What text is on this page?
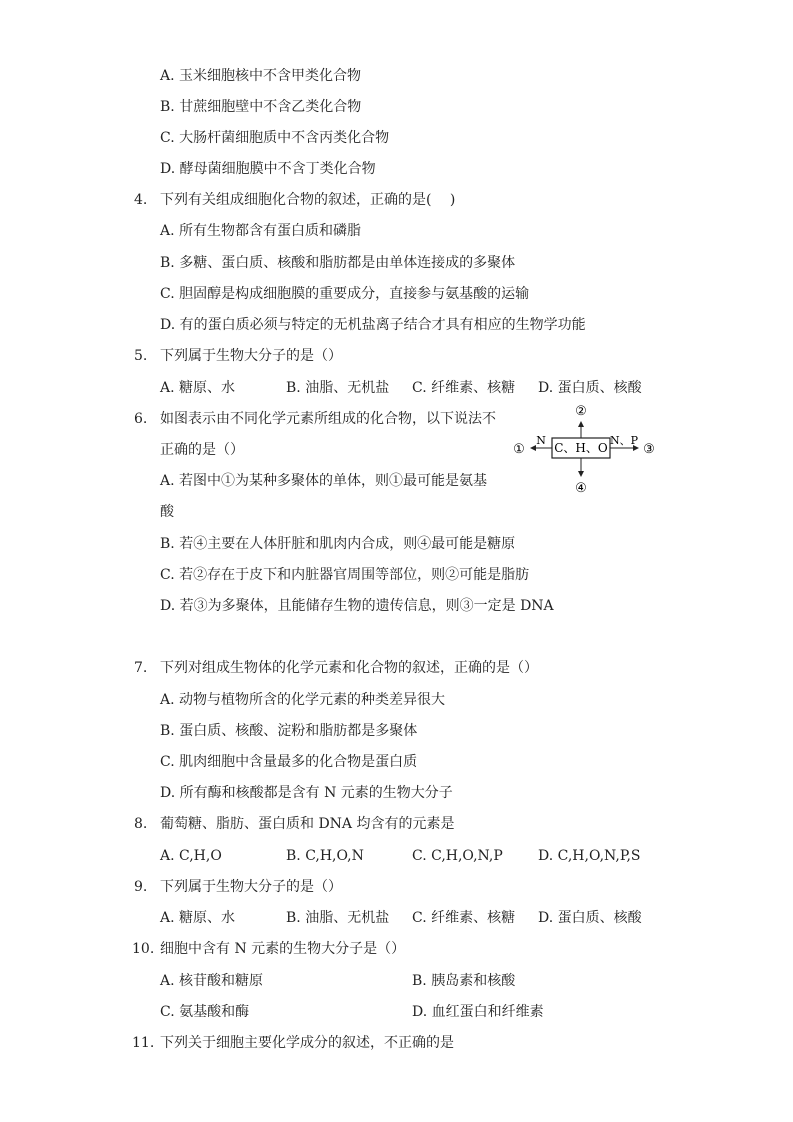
A. 玉米细胞核中不含甲类化合物
B. 甘蔗细胞壁中不含乙类化合物
C. 大肠杆菌细胞质中不含丙类化合物
D. 酵母菌细胞膜中不含丁类化合物
4. 下列有关组成细胞化合物的叙述，正确的是(　 )
A. 所有生物都含有蛋白质和磷脂
B. 多糖、蛋白质、核酸和脂肪都是由单体连接成的多聚体
C. 胆固醇是构成细胞膜的重要成分，直接参与氨基酸的运输
D. 有的蛋白质必须与特定的无机盐离子结合才具有相应的生物学功能
5. 下列属于生物大分子的是（）
A. 糖原、水	B. 油脂、无机盐 C. 纤维素、核糖 D. 蛋白质、核酸
6. 如图表示由不同化学元素所组成的化合物，以下说法不
正确的是（）
A. 若图中①为某种多聚体的单体，则①最可能是氨基
酸
B. 若④主要在人体肝脏和肌肉内合成，则④最可能是糖原
C. 若②存在于皮下和内脏器官周围等部位，则②可能是脂肪
D. 若③为多聚体，且能储存生物的遗传信息，则③一定是 DNA
C、H、O
②
④
N
①
N、P
③
7. 下列对组成生物体的化学元素和化合物的叙述，正确的是（）
A. 动物与植物所含的化学元素的种类差异很大
B. 蛋白质、核酸、淀粉和脂肪都是多聚体
C. 肌肉细胞中含量最多的化合物是蛋白质
D. 所有酶和核酸都是含有 N 元素的生物大分子
8. 葡萄糖、脂肪、蛋白质和 DNA 均含有的元素是
A. C,H,O	B. C,H,O,N	C. C,H,O,N,P	D. C,H,O,N,P,S
9. 下列属于生物大分子的是（）
A. 糖原、水	B. 油脂、无机盐 C. 纤维素、核糖 D. 蛋白质、核酸
10. 细胞中含有 N 元素的生物大分子是（）
A. 核苷酸和糖原	B. 胰岛素和核酸
C. 氨基酸和酶	D. 血红蛋白和纤维素
11. 下列关于细胞主要化学成分的叙述，不正确的是
